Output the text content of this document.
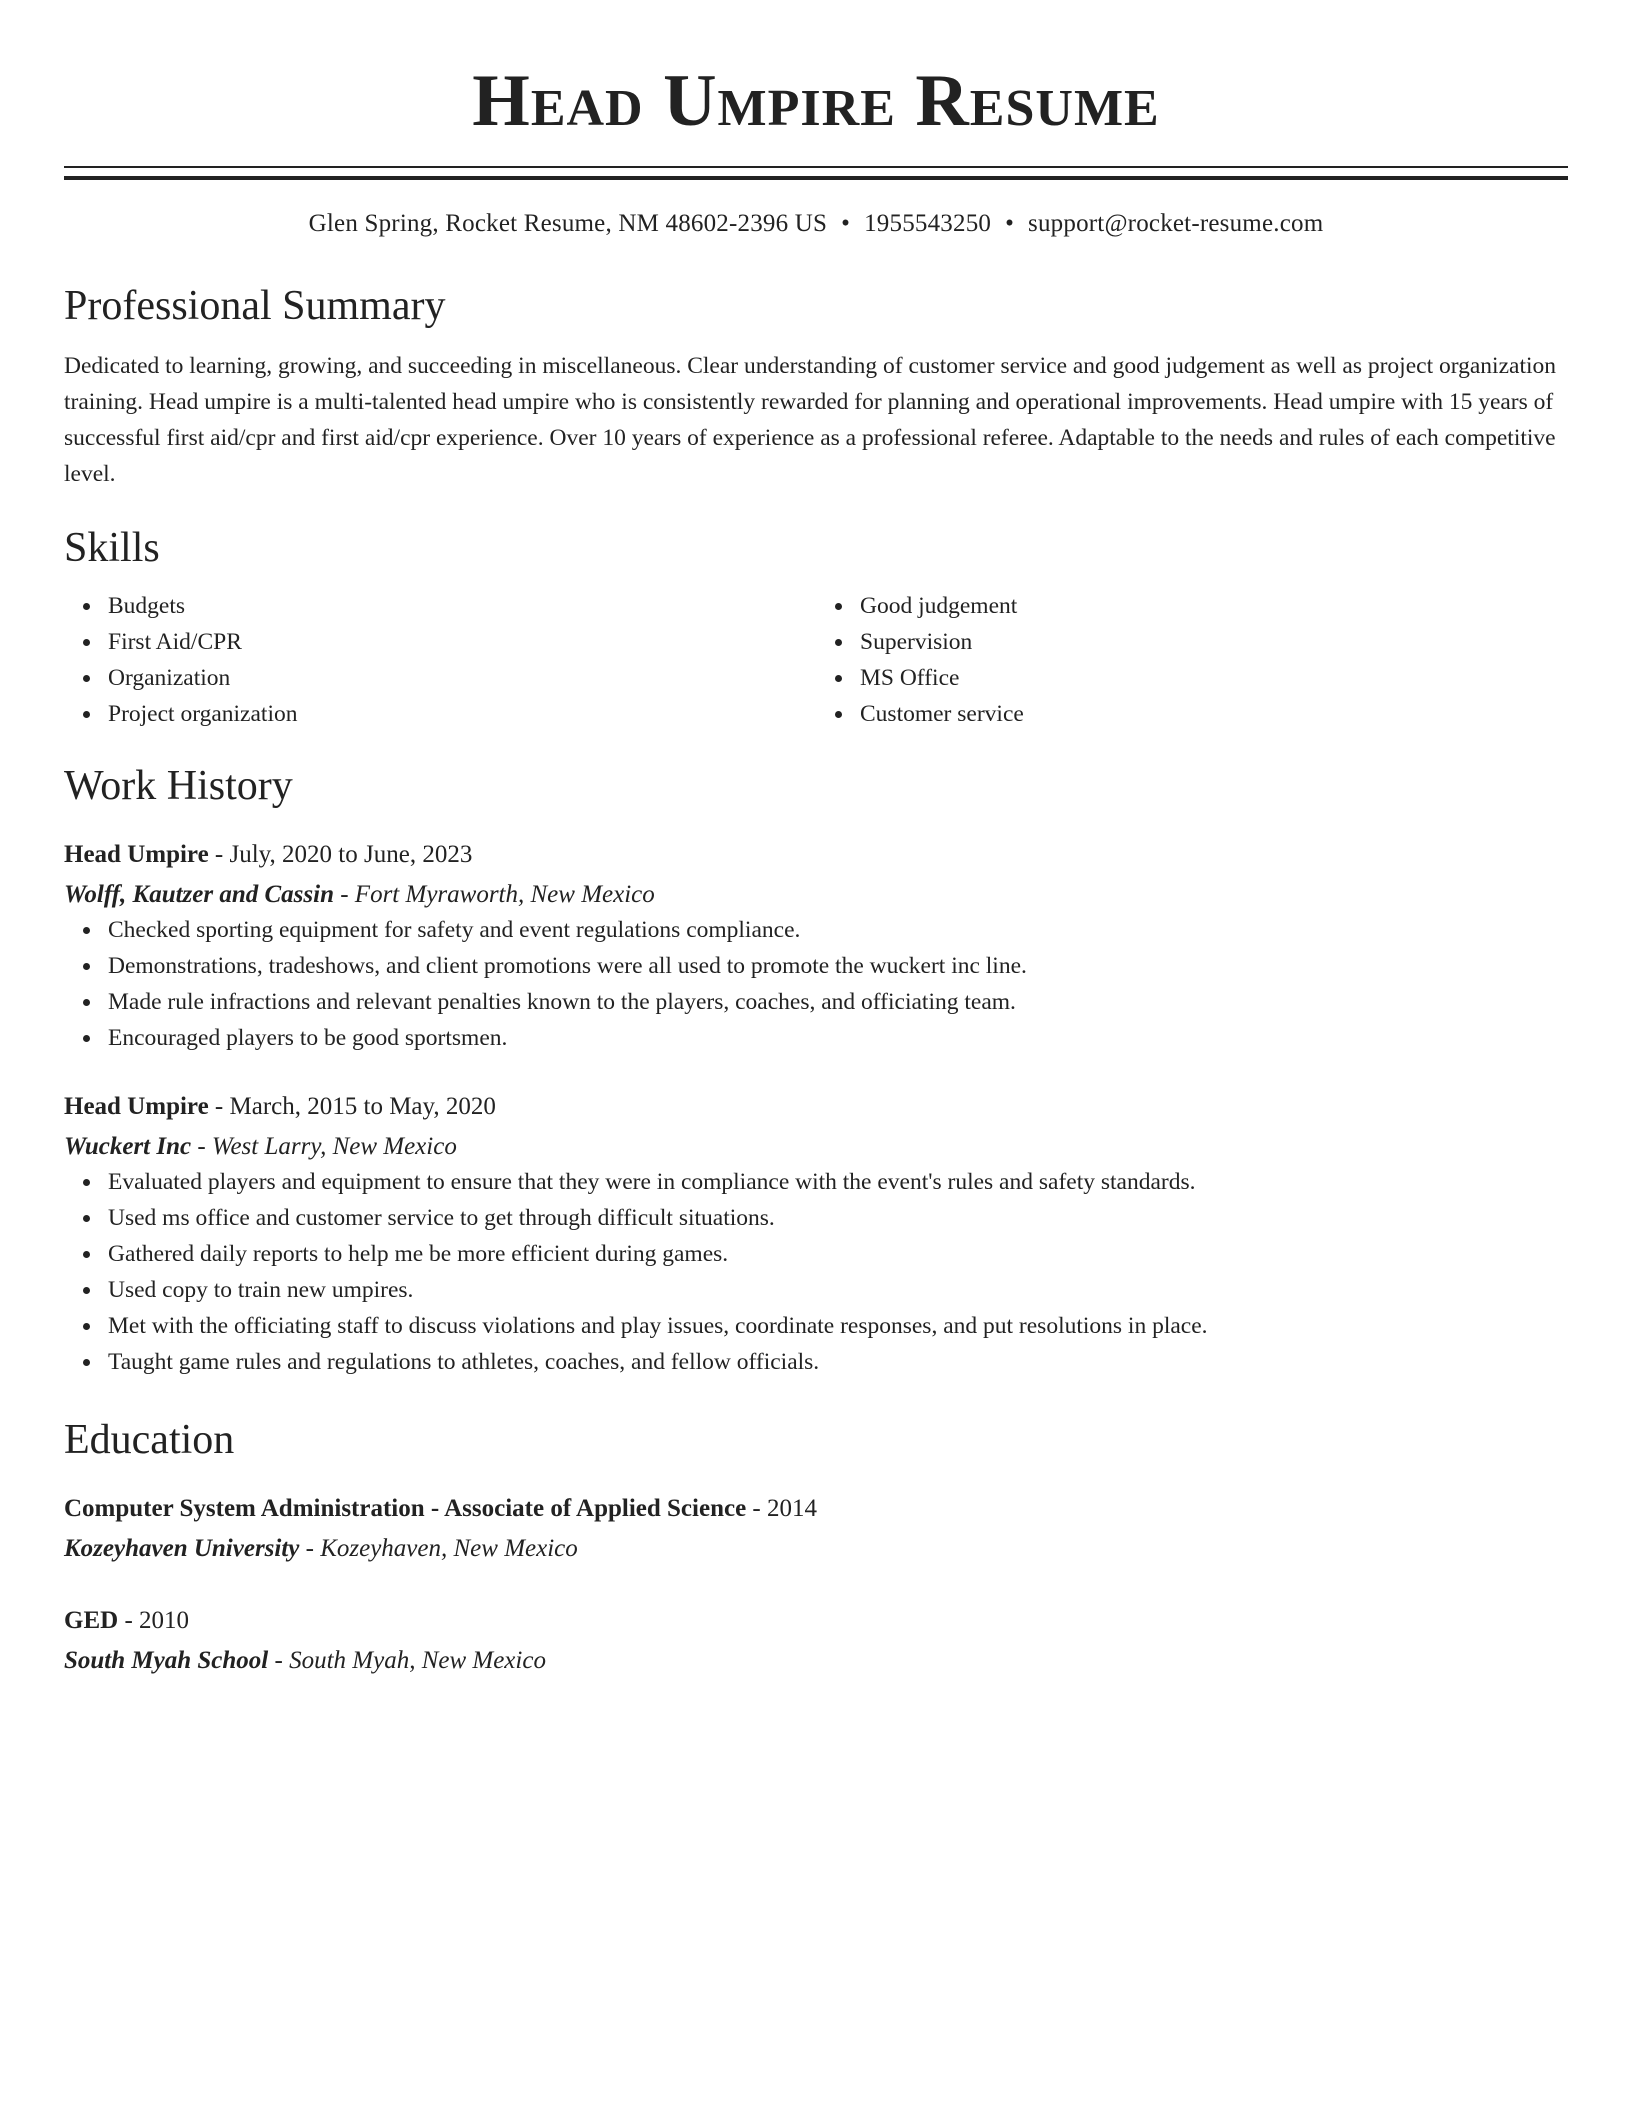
Head Umpire Resume
Glen Spring, Rocket Resume, NM 48602-2396 US • 1955543250 • support@rocket-resume.com
Professional Summary

Dedicated to learning, growing, and succeeding in miscellaneous. Clear understanding of customer service and good judgement as well as project organization training. Head umpire is a multi-talented head umpire who is consistently rewarded for planning and operational improvements. Head umpire with 15 years of successful first aid/cpr and first aid/cpr experience. Over 10 years of experience as a professional referee. Adaptable to the needs and rules of each competitive level.

Skills
Budgets
First Aid/CPR
Organization
Project organization
Good judgement
Supervision
MS Office
Customer service
Work History
Head Umpire - July, 2020 to June, 2023
Wolff, Kautzer and Cassin - Fort Myraworth, New Mexico
Checked sporting equipment for safety and event regulations compliance.
Demonstrations, tradeshows, and client promotions were all used to promote the wuckert inc line.
Made rule infractions and relevant penalties known to the players, coaches, and officiating team.
Encouraged players to be good sportsmen.
Head Umpire - March, 2015 to May, 2020
Wuckert Inc - West Larry, New Mexico
Evaluated players and equipment to ensure that they were in compliance with the event's rules and safety standards.
Used ms office and customer service to get through difficult situations.
Gathered daily reports to help me be more efficient during games.
Used copy to train new umpires.
Met with the officiating staff to discuss violations and play issues, coordinate responses, and put resolutions in place.
Taught game rules and regulations to athletes, coaches, and fellow officials.
Education
Computer System Administration - Associate of Applied Science - 2014
Kozeyhaven University - Kozeyhaven, New Mexico
GED - 2010
South Myah School - South Myah, New Mexico
